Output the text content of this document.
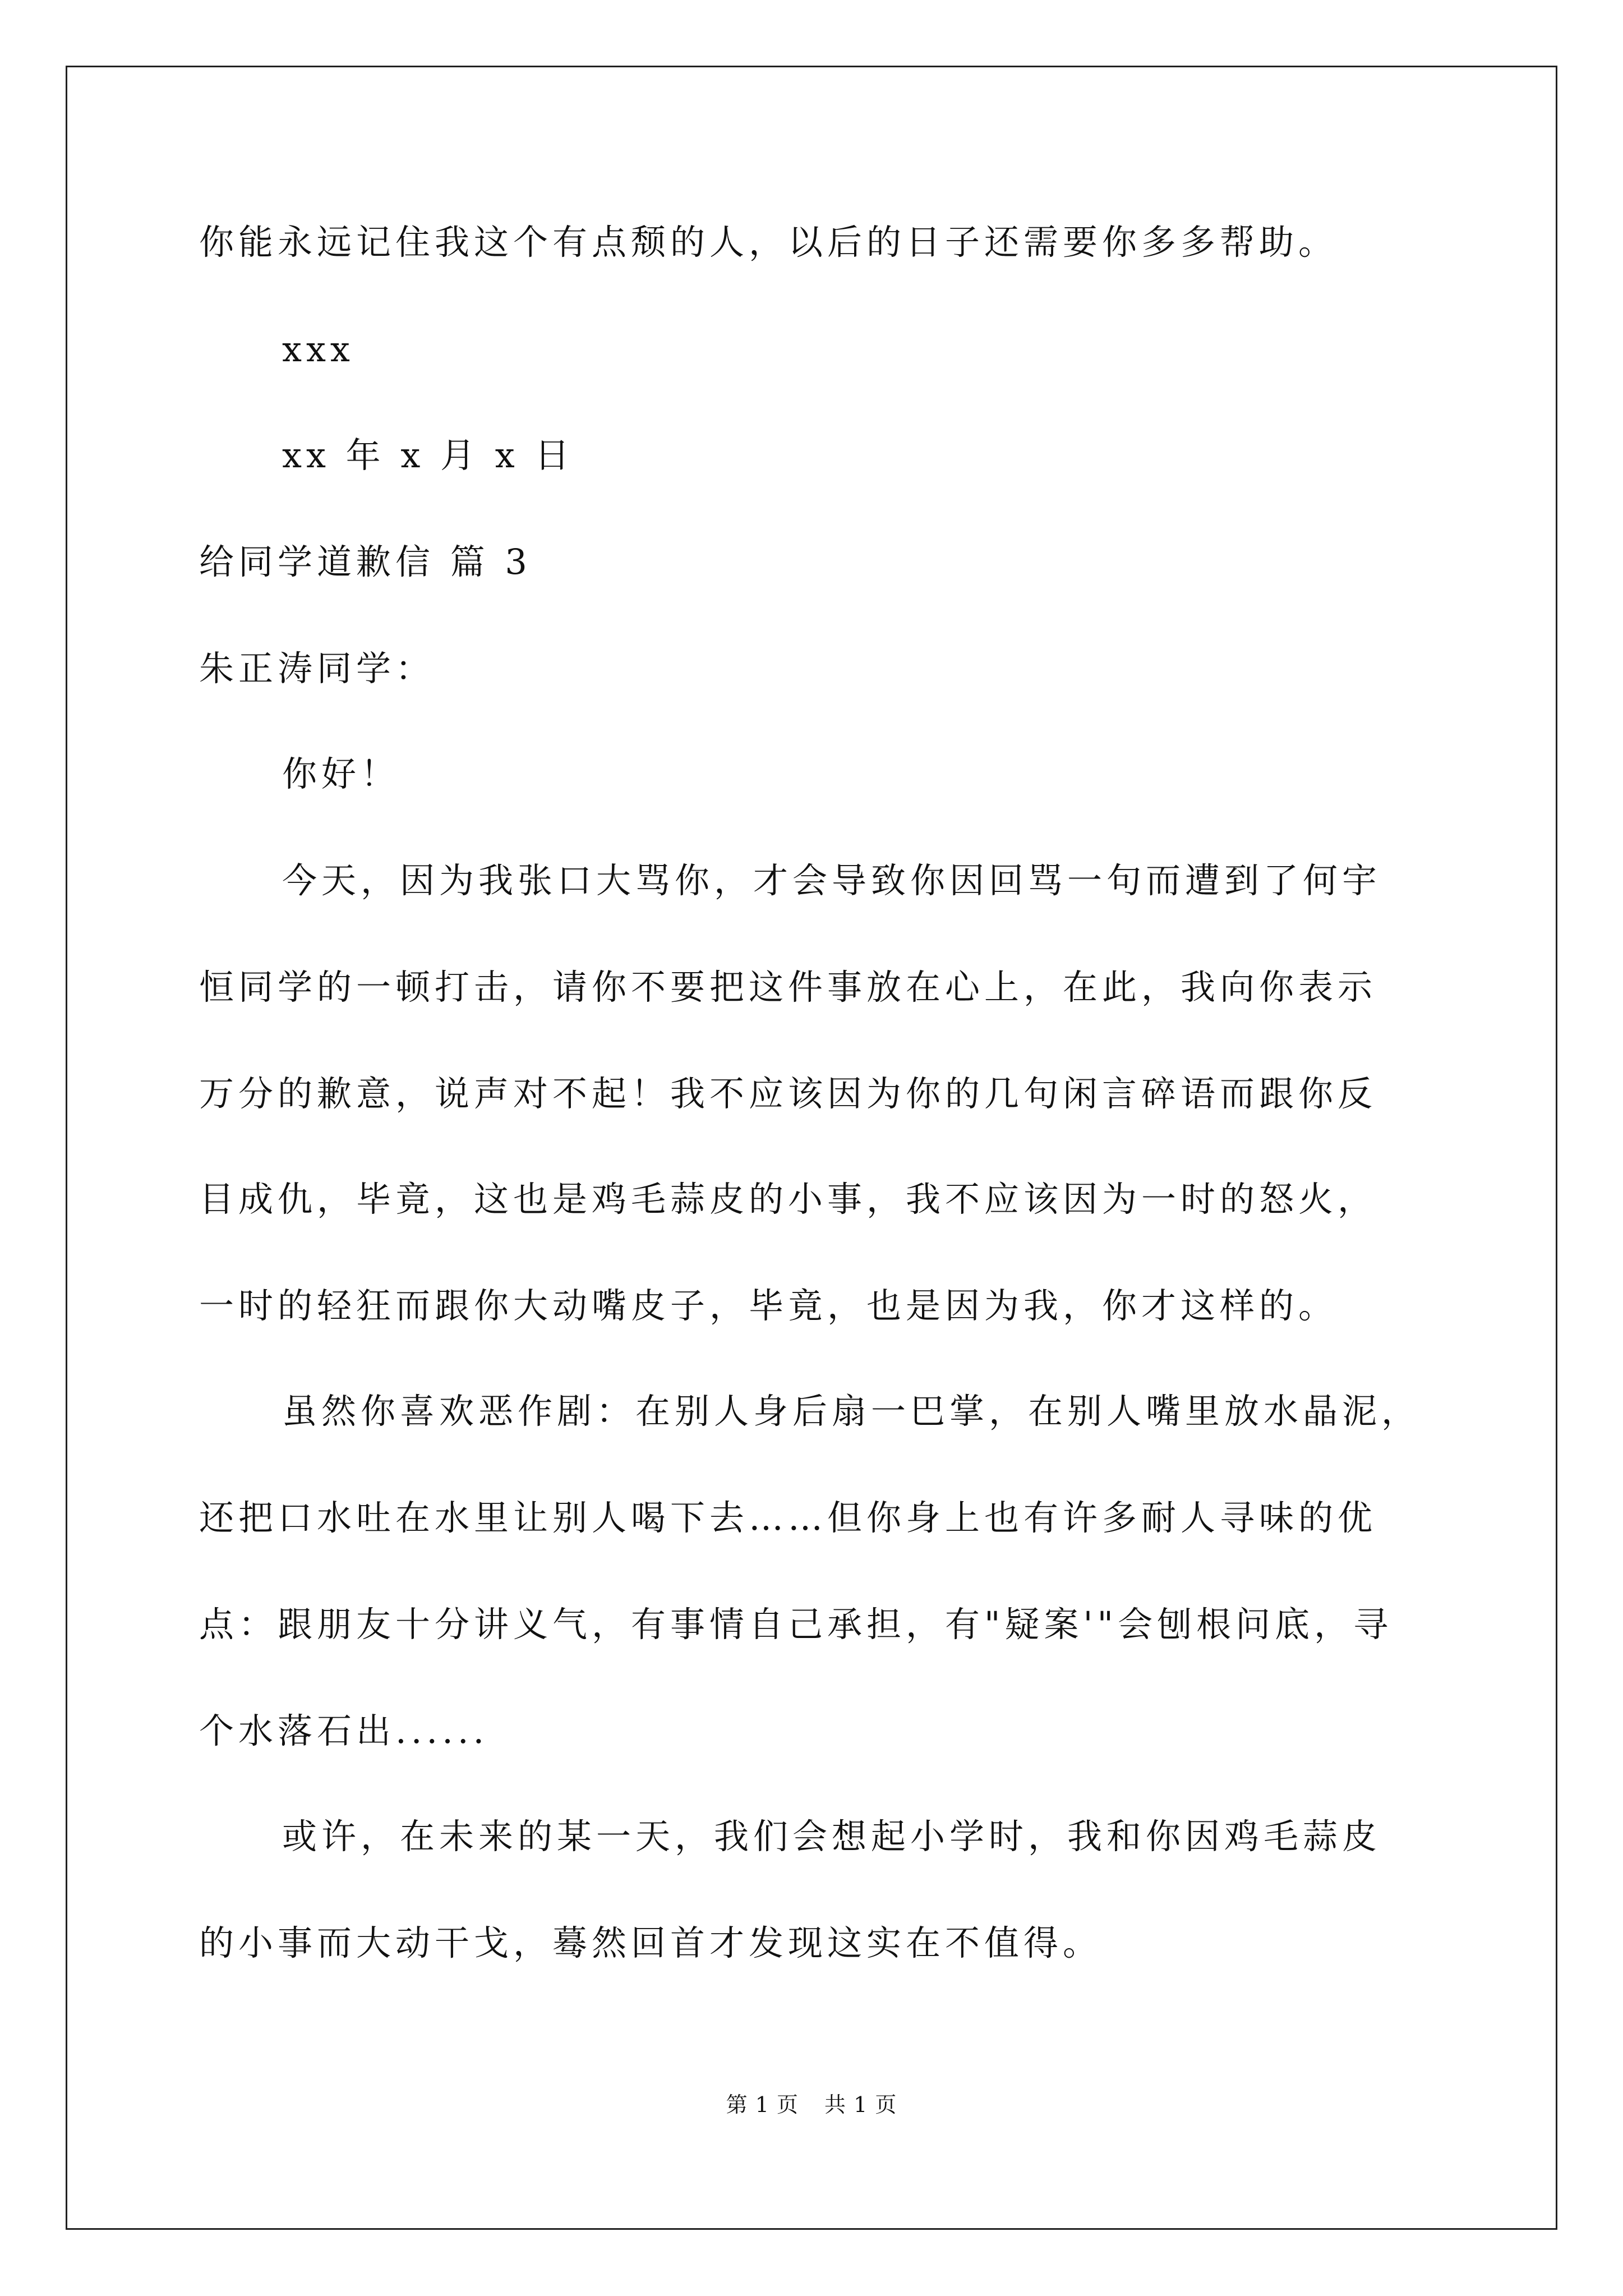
你能永远记住我这个有点颓的人，以后的日子还需要你多多帮助。
xxx
xx 年 x 月 x 日
给同学道歉信 篇 3
朱正涛同学：
你好！
今天，因为我张口大骂你，才会导致你因回骂一句而遭到了何宇
恒同学的一顿打击，请你不要把这件事放在心上，在此，我向你表示
万分的歉意，说声对不起！我不应该因为你的几句闲言碎语而跟你反
目成仇，毕竟，这也是鸡毛蒜皮的小事，我不应该因为一时的怒火，
一时的轻狂而跟你大动嘴皮子，毕竟，也是因为我，你才这样的。
虽然你喜欢恶作剧：在别人身后扇一巴掌，在别人嘴里放水晶泥，
还把口水吐在水里让别人喝下去……但你身上也有许多耐人寻味的优
点：跟朋友十分讲义气，有事情自己承担，有"疑案'"会刨根问底，寻
个水落石出......
或许，在未来的某一天，我们会想起小学时，我和你因鸡毛蒜皮
的小事而大动干戈，蓦然回首才发现这实在不值得。
第 1 页 共 1 页
